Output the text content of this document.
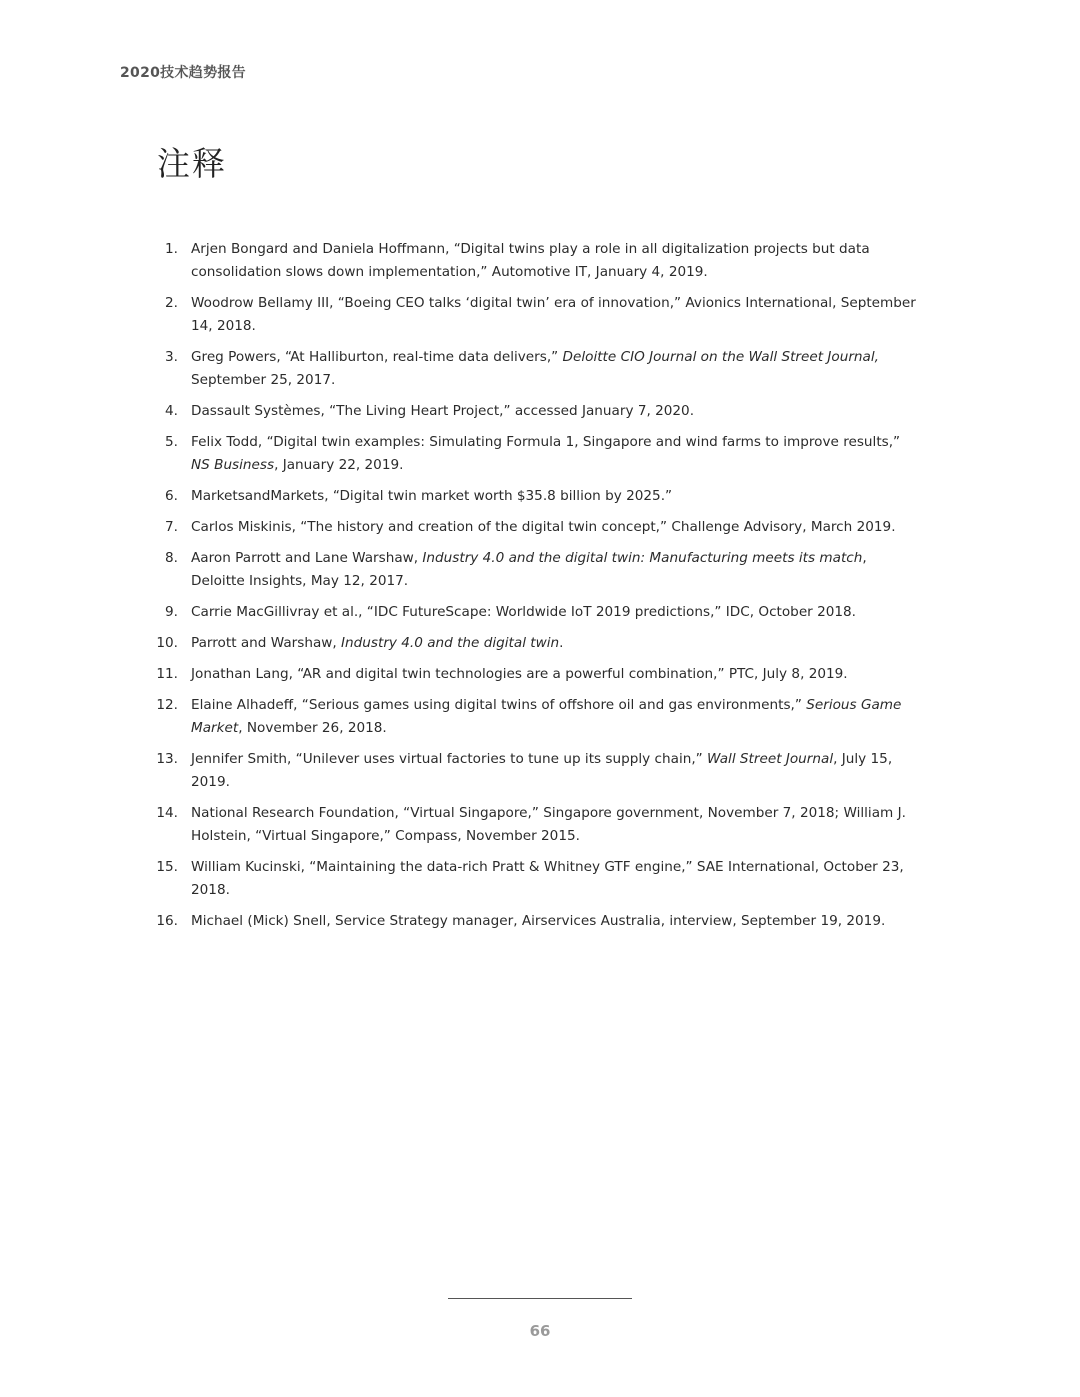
2020技术趋势报告
注释
1. Arjen Bongard and Daniela Hoffmann, “Digital twins play a role in all digitalization projects but data consolidation slows down implementation,” Automotive IT, January 4, 2019.
2. Woodrow Bellamy III, “Boeing CEO talks ‘digital twin’ era of innovation,” Avionics International, September 14, 2018.
3. Greg Powers, “At Halliburton, real-time data delivers,” Deloitte CIO Journal on the Wall Street Journal, September 25, 2017.
4. Dassault Systèmes, “The Living Heart Project,” accessed January 7, 2020.
5. Felix Todd, “Digital twin examples: Simulating Formula 1, Singapore and wind farms to improve results,” NS Business, January 22, 2019.
6. MarketsandMarkets, “Digital twin market worth $35.8 billion by 2025.”
7. Carlos Miskinis, “The history and creation of the digital twin concept,” Challenge Advisory, March 2019.
8. Aaron Parrott and Lane Warshaw, Industry 4.0 and the digital twin: Manufacturing meets its match, Deloitte Insights, May 12, 2017.
9. Carrie MacGillivray et al., “IDC FutureScape: Worldwide IoT 2019 predictions,” IDC, October 2018.
10. Parrott and Warshaw, Industry 4.0 and the digital twin.
11. Jonathan Lang, “AR and digital twin technologies are a powerful combination,” PTC, July 8, 2019.
12. Elaine Alhadeff, “Serious games using digital twins of offshore oil and gas environments,” Serious Game Market, November 26, 2018.
13. Jennifer Smith, “Unilever uses virtual factories to tune up its supply chain,” Wall Street Journal, July 15, 2019.
14. National Research Foundation, “Virtual Singapore,” Singapore government, November 7, 2018; William J. Holstein, “Virtual Singapore,” Compass, November 2015.
15. William Kucinski, “Maintaining the data-rich Pratt & Whitney GTF engine,” SAE International, October 23, 2018.
16. Michael (Mick) Snell, Service Strategy manager, Airservices Australia, interview, September 19, 2019.
66
